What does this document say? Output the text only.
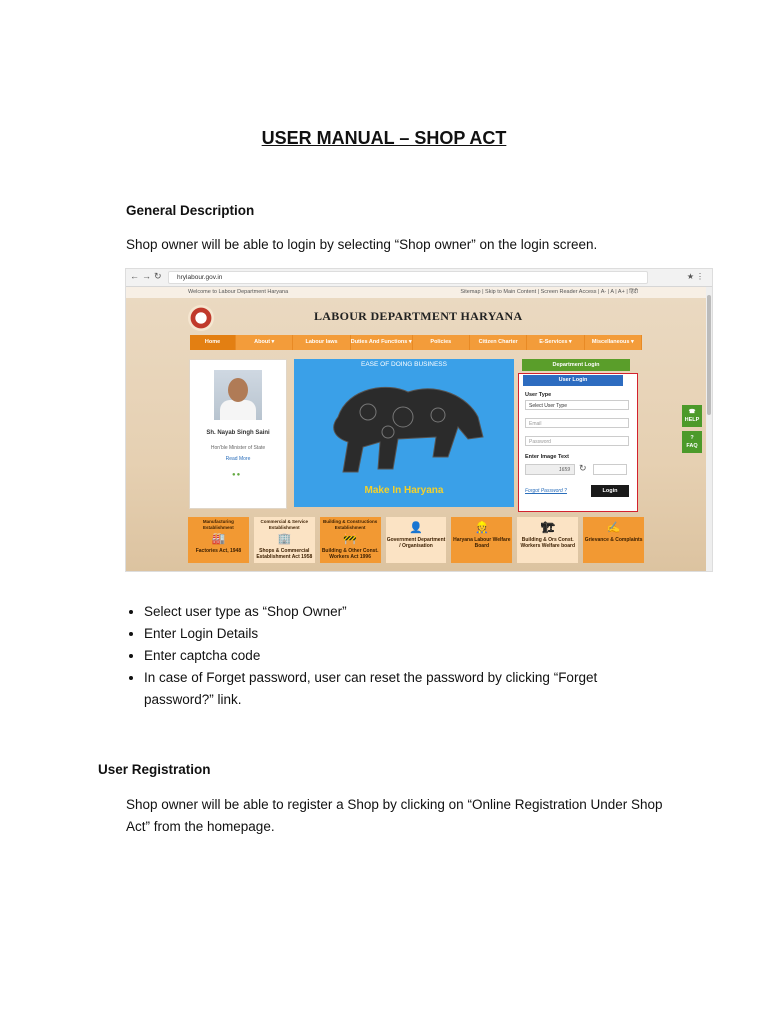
USER MANUAL – SHOP ACT
General Description
Shop owner will be able to login by selecting “Shop owner” on the login screen.
←→↻	hrylabour.gov.in	★⋮
Welcome to Labour Department Haryana	Sitemap | Skip to Main Content | Screen Reader Access | A- | A | A+ | हिंदी
LABOUR DEPARTMENT HARYANA
Home	About ▾	Labour laws	Duties And Functions ▾	Policies	Citizen Charter	E-Services ▾	Miscellaneous ▾
Sh. Nayab Singh Saini
Hon'ble Minister of State
Read More
●●
EASE OF DOING BUSINESS
Make In Haryana
Department Login
User Login
User Type
Select User Type
Email
Password
Enter Image Text
1659	↻
Forgot Password ?	Login
☎
HELP
?
FAQ
Manufacturing Establishment
🏭
Factories Act, 1948
Commercial & Service Establishment
🏢
Shops & Commercial Establishment Act 1958
Building & Constructions Establishment
🚧
Building & Other Const. Workers Act 1996
👤
Government Department / Organisation
👷
Haryana Labour Welfare Board
🏗
Building & Ors Const. Workers Welfare board
✍
Grievance & Complaints
• Select user type as “Shop Owner”
• Enter Login Details
• Enter captcha code
• In case of Forget password, user can reset the password by clicking “Forget password?” link.
User Registration
Shop owner will be able to register a Shop by clicking on “Online Registration Under Shop Act” from the homepage.
